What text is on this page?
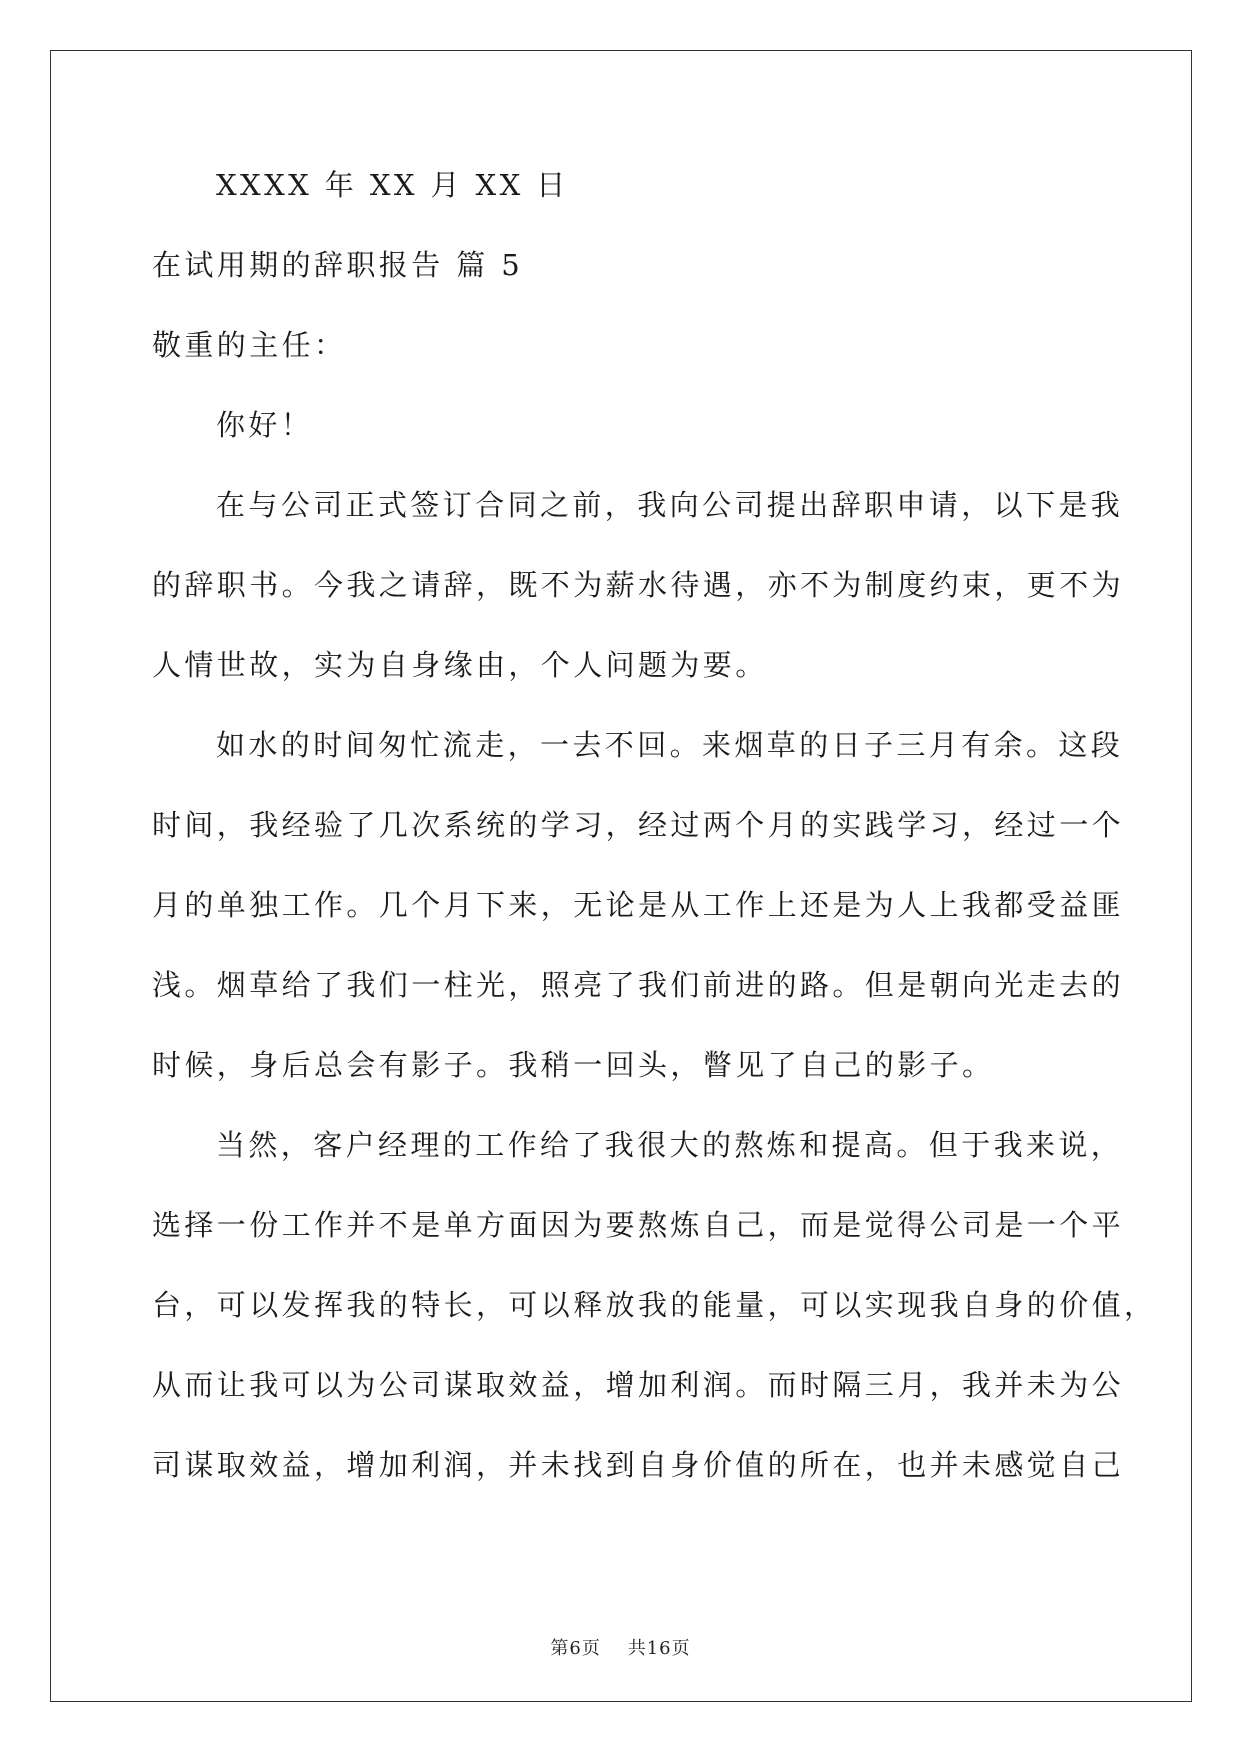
XXXX 年 XX 月 XX 日
在试用期的辞职报告 篇 5
敬重的主任：
你好！
在与公司正式签订合同之前，我向公司提出辞职申请，以下是我
的辞职书。今我之请辞，既不为薪水待遇，亦不为制度约束，更不为
人情世故，实为自身缘由，个人问题为要。
如水的时间匆忙流走，一去不回。来烟草的日子三月有余。这段
时间，我经验了几次系统的学习，经过两个月的实践学习，经过一个
月的单独工作。几个月下来，无论是从工作上还是为人上我都受益匪
浅。烟草给了我们一柱光，照亮了我们前进的路。但是朝向光走去的
时候，身后总会有影子。我稍一回头，瞥见了自己的影子。
当然，客户经理的工作给了我很大的熬炼和提高。但于我来说，
选择一份工作并不是单方面因为要熬炼自己，而是觉得公司是一个平
台，可以发挥我的特长，可以释放我的能量，可以实现我自身的价值，
从而让我可以为公司谋取效益，增加利润。而时隔三月，我并未为公
司谋取效益，增加利润，并未找到自身价值的所在，也并未感觉自己
第6页 共16页
